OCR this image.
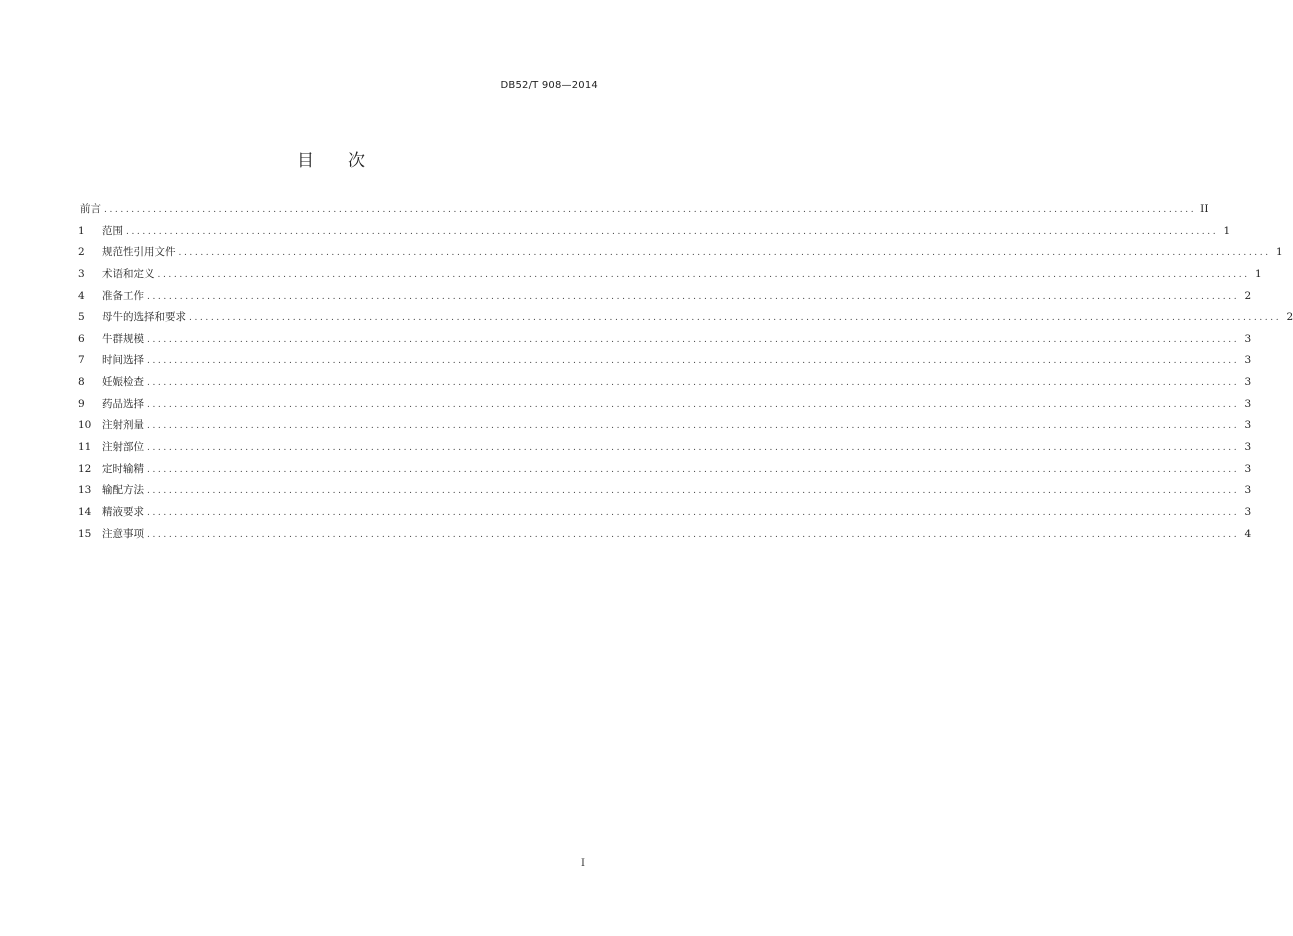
DB52/T 908—2014
目 次
前言 ........................................................................................................................................................................................................ II
1	范围 ........................................................................................................................................................................................................ 1
2	规范性引用文件 ........................................................................................................................................................................................................ 1
3	术语和定义 ........................................................................................................................................................................................................ 1
4	准备工作 ........................................................................................................................................................................................................ 2
5	母牛的选择和要求 ........................................................................................................................................................................................................ 2
6	牛群规模 ........................................................................................................................................................................................................ 3
7	时间选择 ........................................................................................................................................................................................................ 3
8	妊娠检查 ........................................................................................................................................................................................................ 3
9	药品选择 ........................................................................................................................................................................................................ 3
10	注射剂量 ........................................................................................................................................................................................................ 3
11	注射部位 ........................................................................................................................................................................................................ 3
12	定时输精 ........................................................................................................................................................................................................ 3
13	输配方法 ........................................................................................................................................................................................................ 3
14	精液要求 ........................................................................................................................................................................................................ 3
15	注意事项 ........................................................................................................................................................................................................ 4
I
